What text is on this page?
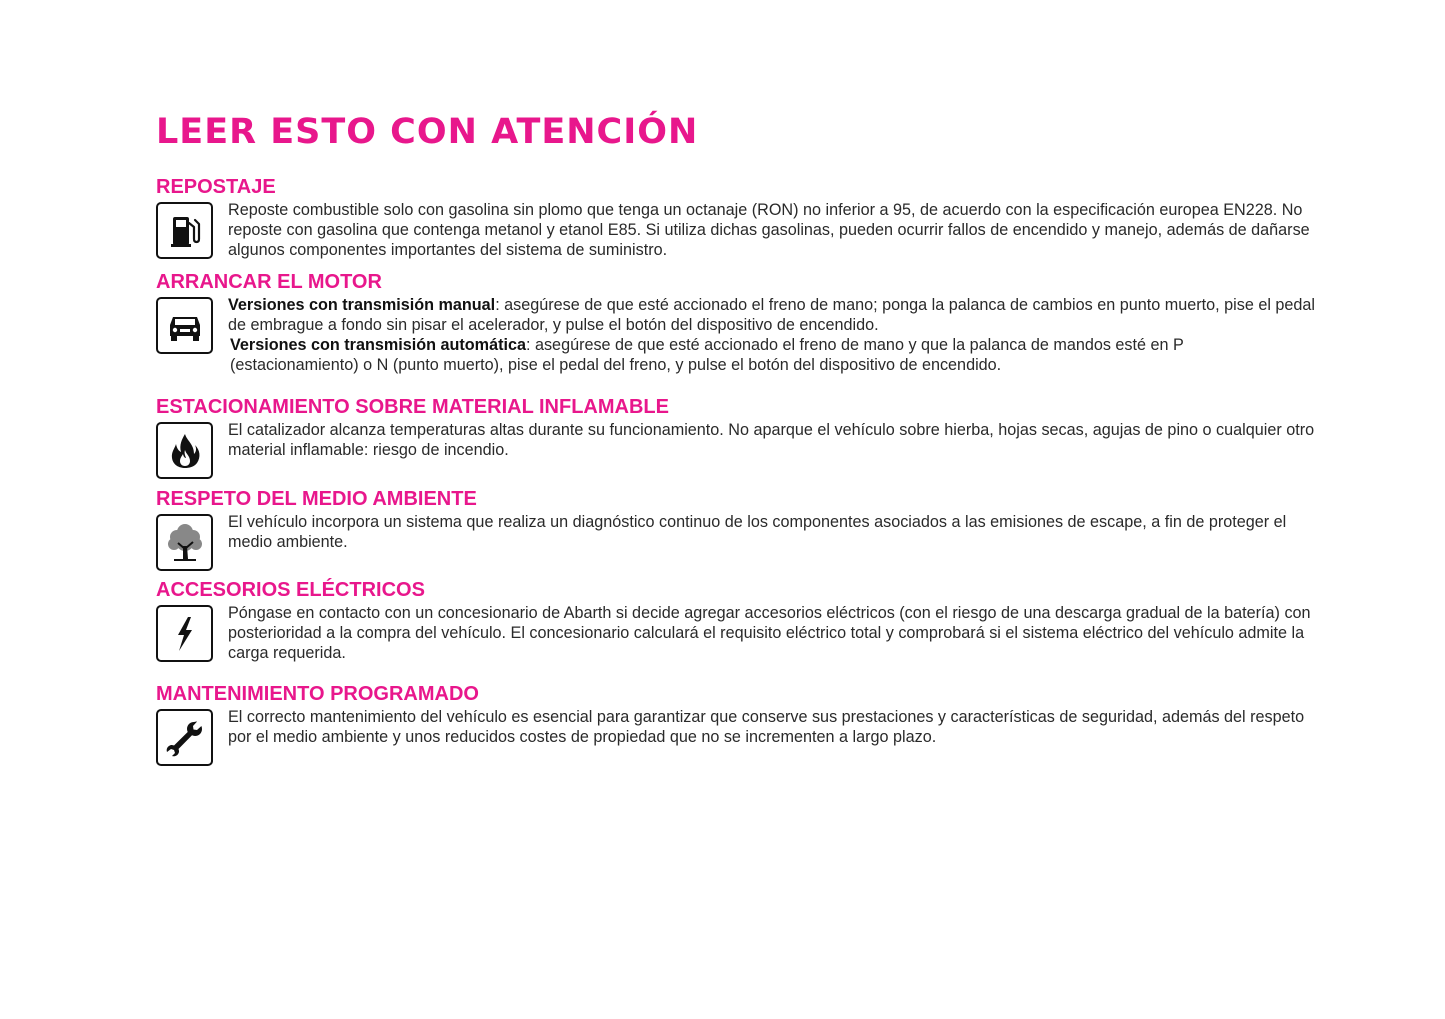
LEER ESTO CON ATENCIÓN
REPOSTAJE

Reposte combustible solo con gasolina sin plomo que tenga un octanaje (RON) no inferior a 95, de acuerdo con la especificación europea EN228. No reposte con gasolina que contenga metanol y etanol E85. Si utiliza dichas gasolinas, pueden ocurrir fallos de encendido y manejo, además de dañarse algunos componentes importantes del sistema de suministro.

ARRANCAR EL MOTOR

Versiones con transmisión manual: asegúrese de que esté accionado el freno de mano; ponga la palanca de cambios en punto muerto, pise el pedal de embrague a fondo sin pisar el acelerador, y pulse el botón del dispositivo de encendido.

Versiones con transmisión automática: asegúrese de que esté accionado el freno de mano y que la palanca de mandos esté en P (estacionamiento) o N (punto muerto), pise el pedal del freno, y pulse el botón del dispositivo de encendido.

ESTACIONAMIENTO SOBRE MATERIAL INFLAMABLE

El catalizador alcanza temperaturas altas durante su funcionamiento. No aparque el vehículo sobre hierba, hojas secas, agujas de pino o cualquier otro material inflamable: riesgo de incendio.

RESPETO DEL MEDIO AMBIENTE

El vehículo incorpora un sistema que realiza un diagnóstico continuo de los componentes asociados a las emisiones de escape, a fin de proteger el medio ambiente.

ACCESORIOS ELÉCTRICOS

Póngase en contacto con un concesionario de Abarth si decide agregar accesorios eléctricos (con el riesgo de una descarga gradual de la batería) con posterioridad a la compra del vehículo. El concesionario calculará el requisito eléctrico total y comprobará si el sistema eléctrico del vehículo admite la carga requerida.

MANTENIMIENTO PROGRAMADO

El correcto mantenimiento del vehículo es esencial para garantizar que conserve sus prestaciones y características de seguridad, además del respeto por el medio ambiente y unos reducidos costes de propiedad que no se incrementen a largo plazo.
